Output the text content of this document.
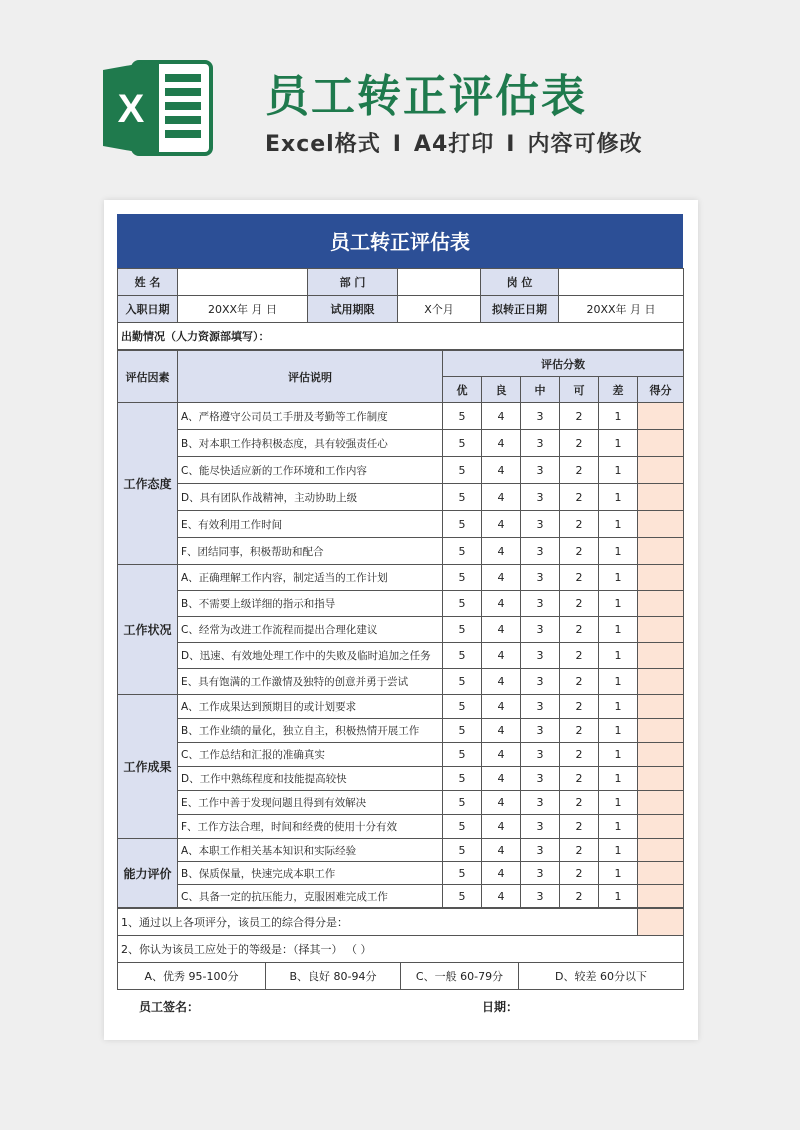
X	员工转正评估表
Excel格式 I A4打印 I 内容可修改
员工转正评估表
姓 名		部 门		岗 位	
入职日期	20XX年 月 日	试用期限	X个月	拟转正日期	20XX年 月 日
出勤情况（人力资源部填写）：					
评估因素	评估说明	评估分数					
		优	良	中	可	差	得分
工作态度	A、严格遵守公司员工手册及考勤等工作制度	5	4	3	2	1	
	B、对本职工作持积极态度，具有较强责任心	5	4	3	2	1	
	C、能尽快适应新的工作环境和工作内容	5	4	3	2	1	
	D、具有团队作战精神，主动协助上级	5	4	3	2	1	
	E、有效利用工作时间	5	4	3	2	1	
	F、团结同事，积极帮助和配合	5	4	3	2	1	
工作状况	A、正确理解工作内容，制定适当的工作计划	5	4	3	2	1	
	B、不需要上级详细的指示和指导	5	4	3	2	1	
	C、经常为改进工作流程而提出合理化建议	5	4	3	2	1	
	D、迅速、有效地处理工作中的失败及临时追加之任务	5	4	3	2	1	
	E、具有饱满的工作激情及独特的创意并勇于尝试	5	4	3	2	1	
工作成果	A、工作成果达到预期目的或计划要求	5	4	3	2	1	
	B、工作业绩的量化，独立自主，积极热情开展工作	5	4	3	2	1	
	C、工作总结和汇报的准确真实	5	4	3	2	1	
	D、工作中熟练程度和技能提高较快	5	4	3	2	1	
	E、工作中善于发现问题且得到有效解决	5	4	3	2	1	
	F、工作方法合理，时间和经费的使用十分有效	5	4	3	2	1	
能力评价	A、本职工作相关基本知识和实际经验	5	4	3	2	1	
	B、保质保量，快速完成本职工作	5	4	3	2	1	
	C、具备一定的抗压能力，克服困难完成工作	5	4	3	2	1	
1、通过以上各项评分，该员工的综合得分是：				
2、你认为该员工应处于的等级是：（择其一） （ ）				
A、优秀 95-100分	B、良好 80-94分	C、一般 60-79分	D、较差 60分以下	
员工签名：	日期：
